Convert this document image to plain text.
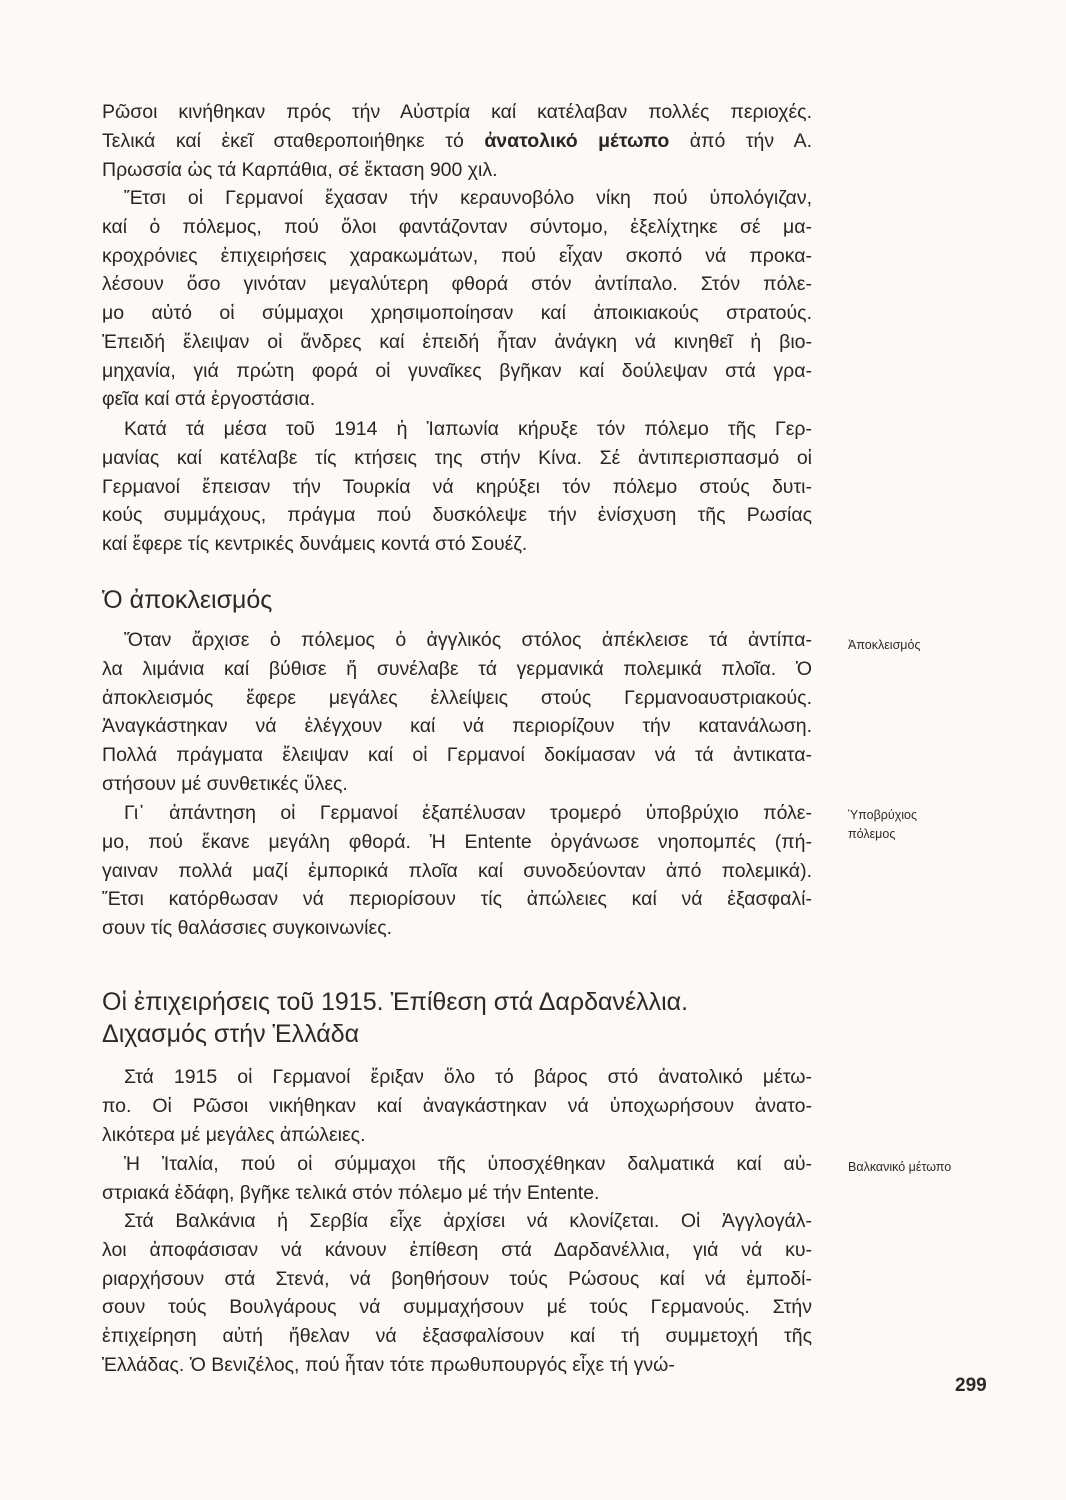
Ρῶσοι κινήθηκαν πρός τήν Αὐστρία καί κατέλαβαν πολλές περιοχές.
Τελικά καί ἐκεῖ σταθεροποιήθηκε τό ἀνατολικό μέτωπο ἀπό τήν Α.
Πρωσσία ὡς τά Καρπάθια, σέ ἔκταση 900 χιλ.
Ἔτσι οἱ Γερμανοί ἔχασαν τήν κεραυνοβόλο νίκη πού ὑπολόγιζαν,
καί ὁ πόλεμος, πού ὅλοι φαντάζονταν σύντομο, ἐξελίχτηκε σέ μα-
κροχρόνιες ἐπιχειρήσεις χαρακωμάτων, πού εἶχαν σκοπό νά προκα-
λέσουν ὅσο γινόταν μεγαλύτερη φθορά στόν ἀντίπαλο. Στόν πόλε-
μο αὐτό οἱ σύμμαχοι χρησιμοποίησαν καί ἀποικιακούς στρατούς.
Ἐπειδή ἔλειψαν οἱ ἄνδρες καί ἐπειδή ἦταν ἀνάγκη νά κινηθεῖ ἡ βιο-
μηχανία, γιά πρώτη φορά οἱ γυναῖκες βγῆκαν καί δούλεψαν στά γρα-
φεῖα καί στά ἐργοστάσια.
Κατά τά μέσα τοῦ 1914 ἡ Ἰαπωνία κήρυξε τόν πόλεμο τῆς Γερ-
μανίας καί κατέλαβε τίς κτήσεις της στήν Κίνα. Σέ ἀντιπερισπασμό οἱ
Γερμανοί ἔπεισαν τήν Τουρκία νά κηρύξει τόν πόλεμο στούς δυτι-
κούς συμμάχους, πράγμα πού δυσκόλεψε τήν ἐνίσχυση τῆς Ρωσίας
καί ἔφερε τίς κεντρικές δυνάμεις κοντά στό Σουέζ.
Ὁ ἀποκλεισμός
Ὅταν ἄρχισε ὁ πόλεμος ὁ ἀγγλικός στόλος ἀπέκλεισε τά ἀντίπα-
λα λιμάνια καί βύθισε ἤ συνέλαβε τά γερμανικά πολεμικά πλοῖα. Ὁ
ἀποκλεισμός ἔφερε μεγάλες ἐλλείψεις στούς Γερμανοαυστριακούς.
Ἀναγκάστηκαν νά ἐλέγχουν καί νά περιορίζουν τήν κατανάλωση.
Πολλά πράγματα ἔλειψαν καί οἱ Γερμανοί δοκίμασαν νά τά ἀντικατα-
στήσουν μέ συνθετικές ὕλες.
Γι᾽ ἀπάντηση οἱ Γερμανοί ἐξαπέλυσαν τρομερό ὑποβρύχιο πόλε-
μο, πού ἔκανε μεγάλη φθορά. Ἡ Entente ὀργάνωσε νηοπομπές (πή-
γαιναν πολλά μαζί ἐμπορικά πλοῖα καί συνοδεύονταν ἀπό πολεμικά).
Ἔτσι κατόρθωσαν νά περιορίσουν τίς ἀπώλειες καί νά ἐξασφαλί-
σουν τίς θαλάσσιες συγκοινωνίες.
Οἱ ἐπιχειρήσεις τοῦ 1915. Ἐπίθεση στά Δαρδανέλλια.
Διχασμός στήν Ἑλλάδα
Στά 1915 οἱ Γερμανοί ἔριξαν ὅλο τό βάρος στό ἀνατολικό μέτω-
πο. Οἱ Ρῶσοι νικήθηκαν καί ἀναγκάστηκαν νά ὑποχωρήσουν ἀνατο-
λικότερα μέ μεγάλες ἀπώλειες.
Ἡ Ἰταλία, πού οἱ σύμμαχοι τῆς ὑποσχέθηκαν δαλματικά καί αὐ-
στριακά ἐδάφη, βγῆκε τελικά στόν πόλεμο μέ τήν Entente.
Στά Βαλκάνια ἡ Σερβία εἶχε ἀρχίσει νά κλονίζεται. Οἱ Ἀγγλογάλ-
λοι ἀποφάσισαν νά κάνουν ἐπίθεση στά Δαρδανέλλια, γιά νά κυ-
ριαρχήσουν στά Στενά, νά βοηθήσουν τούς Ρώσους καί νά ἐμποδί-
σουν τούς Βουλγάρους νά συμμαχήσουν μέ τούς Γερμανούς. Στήν
ἐπιχείρηση αὐτή ἤθελαν νά ἐξασφαλίσουν καί τή συμμετοχή τῆς
Ἑλλάδας. Ὁ Βενιζέλος, πού ἦταν τότε πρωθυπουργός εἶχε τή γνώ-
Ἀποκλεισμός
Ὑποβρύχιος
πόλεμος
Βαλκανικό μέτωπο
299
